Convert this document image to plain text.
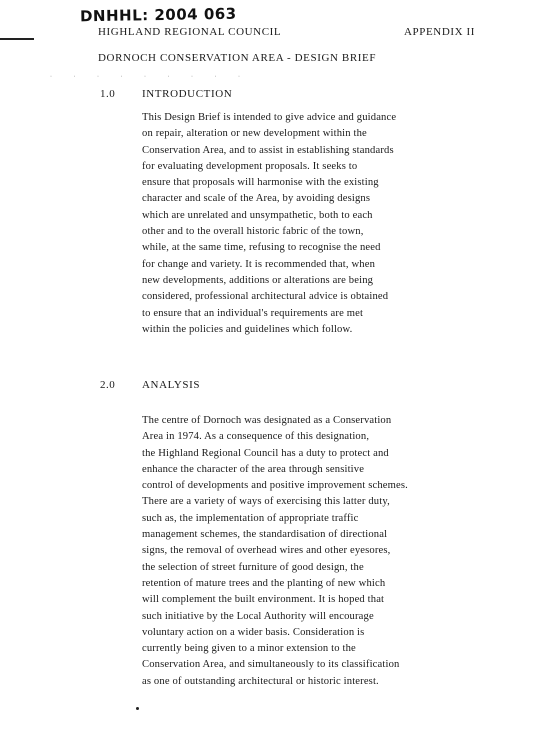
DNHHL: 2004 063
HIGHLAND REGIONAL COUNCIL	APPENDIX II
DORNOCH CONSERVATION AREA - DESIGN BRIEF
· · · · · · · · ·
1.0 INTRODUCTION
This Design Brief is intended to give advice and guidance
on repair, alteration or new development within the
Conservation Area, and to assist in establishing standards
for evaluating development proposals. It seeks to
ensure that proposals will harmonise with the existing
character and scale of the Area, by avoiding designs
which are unrelated and unsympathetic, both to each
other and to the overall historic fabric of the town,
while, at the same time, refusing to recognise the need
for change and variety. It is recommended that, when
new developments, additions or alterations are being
considered, professional architectural advice is obtained
to ensure that an individual's requirements are met
within the policies and guidelines which follow.
2.0 ANALYSIS
The centre of Dornoch was designated as a Conservation
Area in 1974. As a consequence of this designation,
the Highland Regional Council has a duty to protect and
enhance the character of the area through sensitive
control of developments and positive improvement schemes.
There are a variety of ways of exercising this latter duty,
such as, the implementation of appropriate traffic
management schemes, the standardisation of directional
signs, the removal of overhead wires and other eyesores,
the selection of street furniture of good design, the
retention of mature trees and the planting of new which
will complement the built environment. It is hoped that
such initiative by the Local Authority will encourage
voluntary action on a wider basis. Consideration is
currently being given to a minor extension to the
Conservation Area, and simultaneously to its classification
as one of outstanding architectural or historic interest.
